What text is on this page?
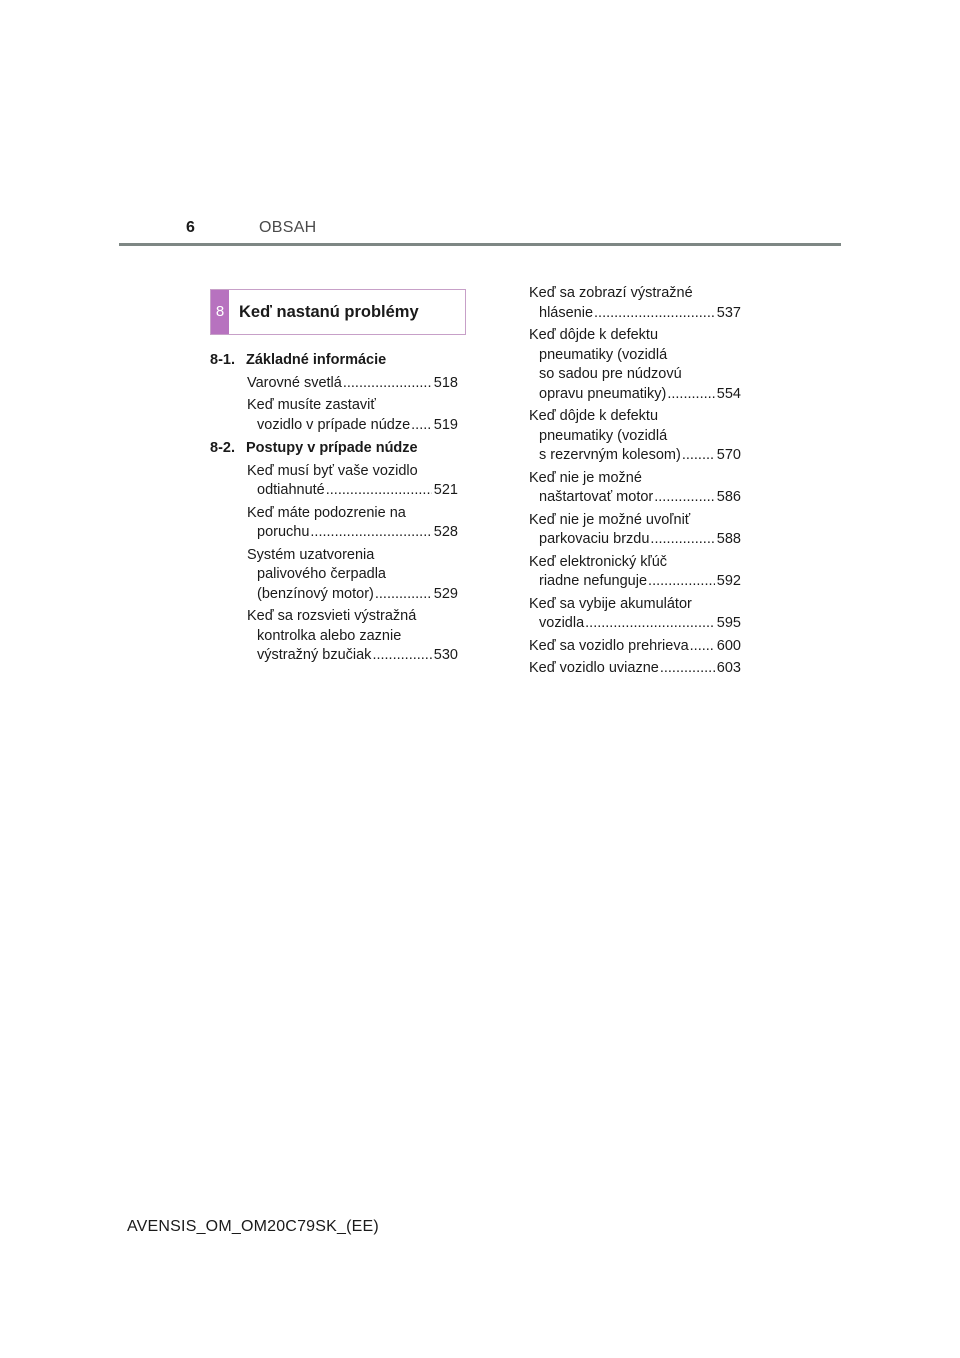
6	OBSAH
8 Keď nastanú problémy
8-1. Základné informácie
Varovné svetlá .....	518
Keď musíte zastaviť
vozidlo v prípade núdze ..... 519
8-2. Postupy v prípade núdze
Keď musí byť vaše vozidlo
odtiahnuté .....	521
Keď máte podozrenie na
poruchu .....	528
Systém uzatvorenia
palivového čerpadla
(benzínový motor) .....	529
Keď sa rozsvieti výstražná
kontrolka alebo zaznie
výstražný bzučiak .....	530
Keď sa zobrazí výstražné
hlásenie .....	537
Keď dôjde k defektu
pneumatiky (vozidlá
so sadou pre núdzovú
opravu pneumatiky) .....	554
Keď dôjde k defektu
pneumatiky (vozidlá
s rezervným kolesom) ..... 570
Keď nie je možné
naštartovať motor .....	586
Keď nie je možné uvoľniť
parkovaciu brzdu .....	588
Keď elektronický kľúč
riadne nefunguje .....	592
Keď sa vybije akumulátor
vozidla .....	595
Keď sa vozidlo prehrieva ..... 600
Keď vozidlo uviazne .....	603
AVENSIS_OM_OM20C79SK_(EE)
